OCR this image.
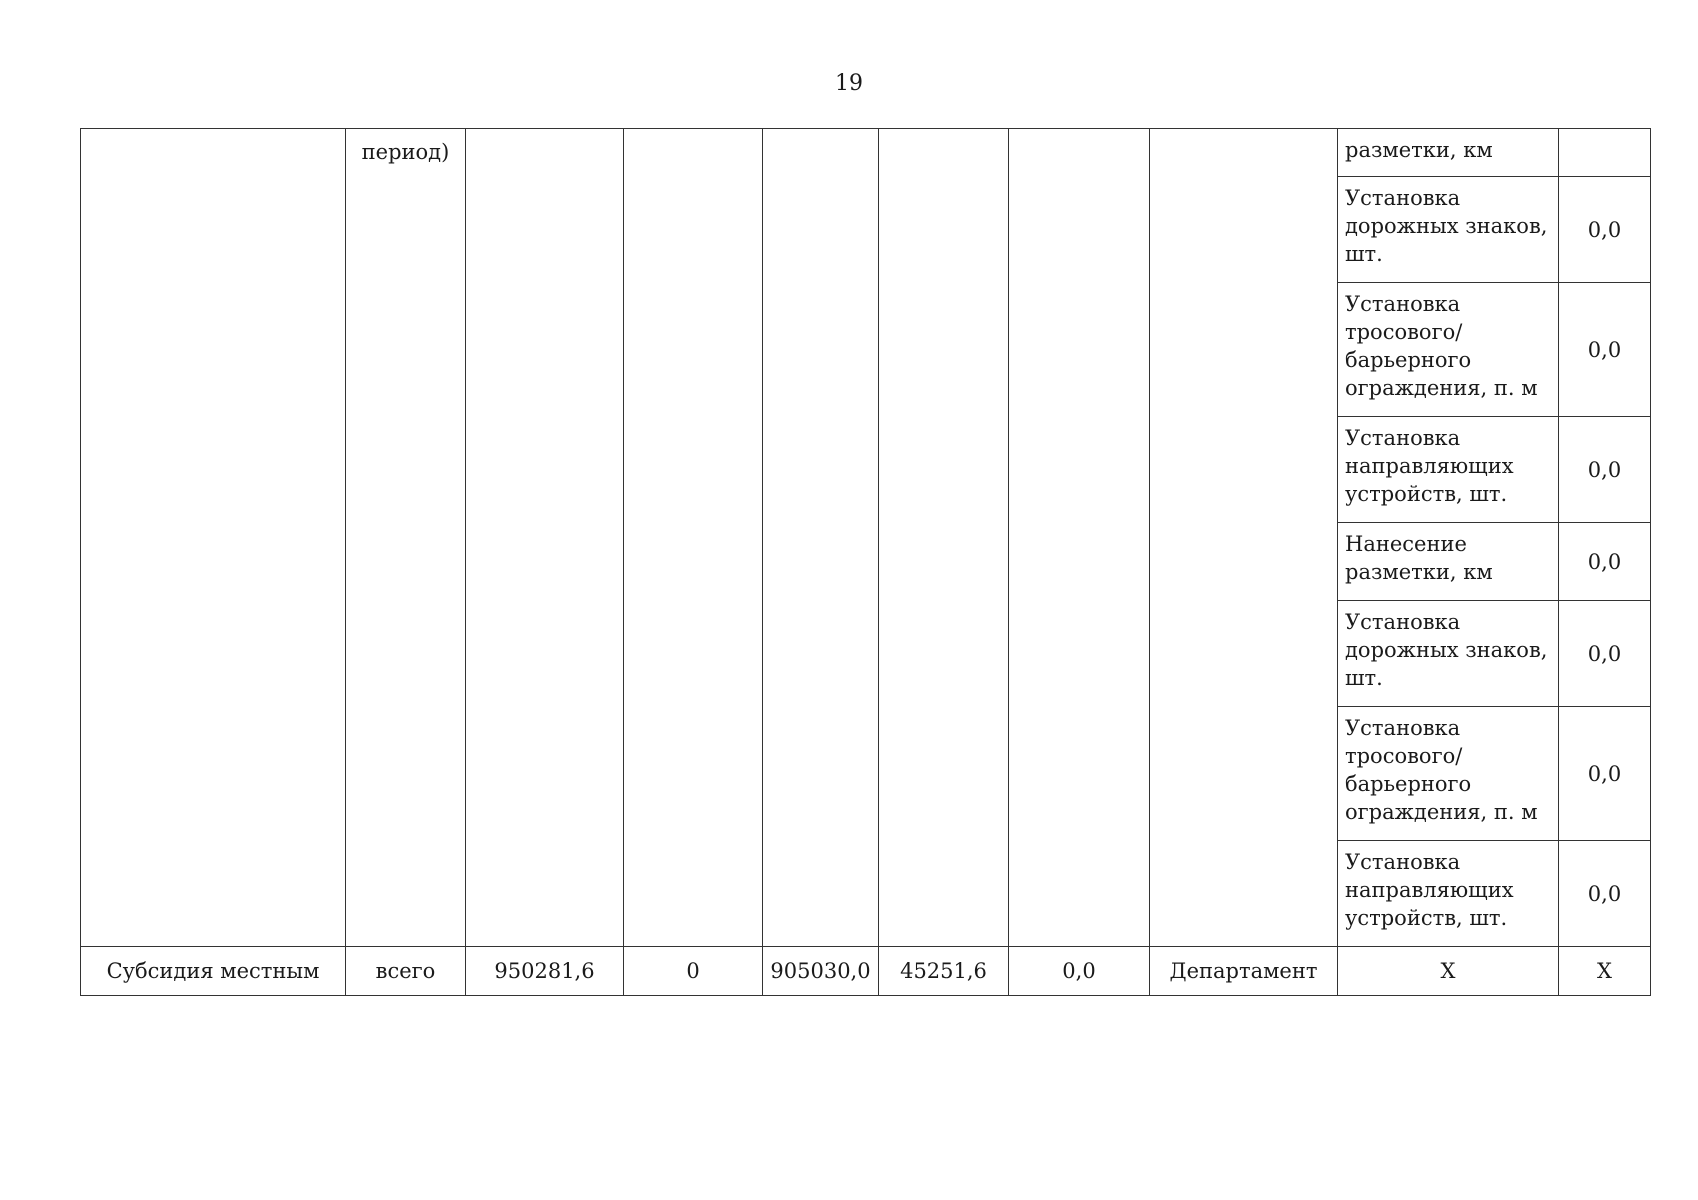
19
	период)							разметки, км	
								Установка дорожных знаков, шт.	0,0
								Установка тросового/ барьерного ограждения, п. м	0,0
								Установка направляющих устройств, шт.	0,0
								Нанесение разметки, км	0,0
								Установка дорожных знаков, шт.	0,0
								Установка тросового/ барьерного ограждения, п. м	0,0
								Установка направляющих устройств, шт.	0,0
Субсидия местным	всего	950281,6	0	905030,0	45251,6	0,0	Департамент	Х	Х
